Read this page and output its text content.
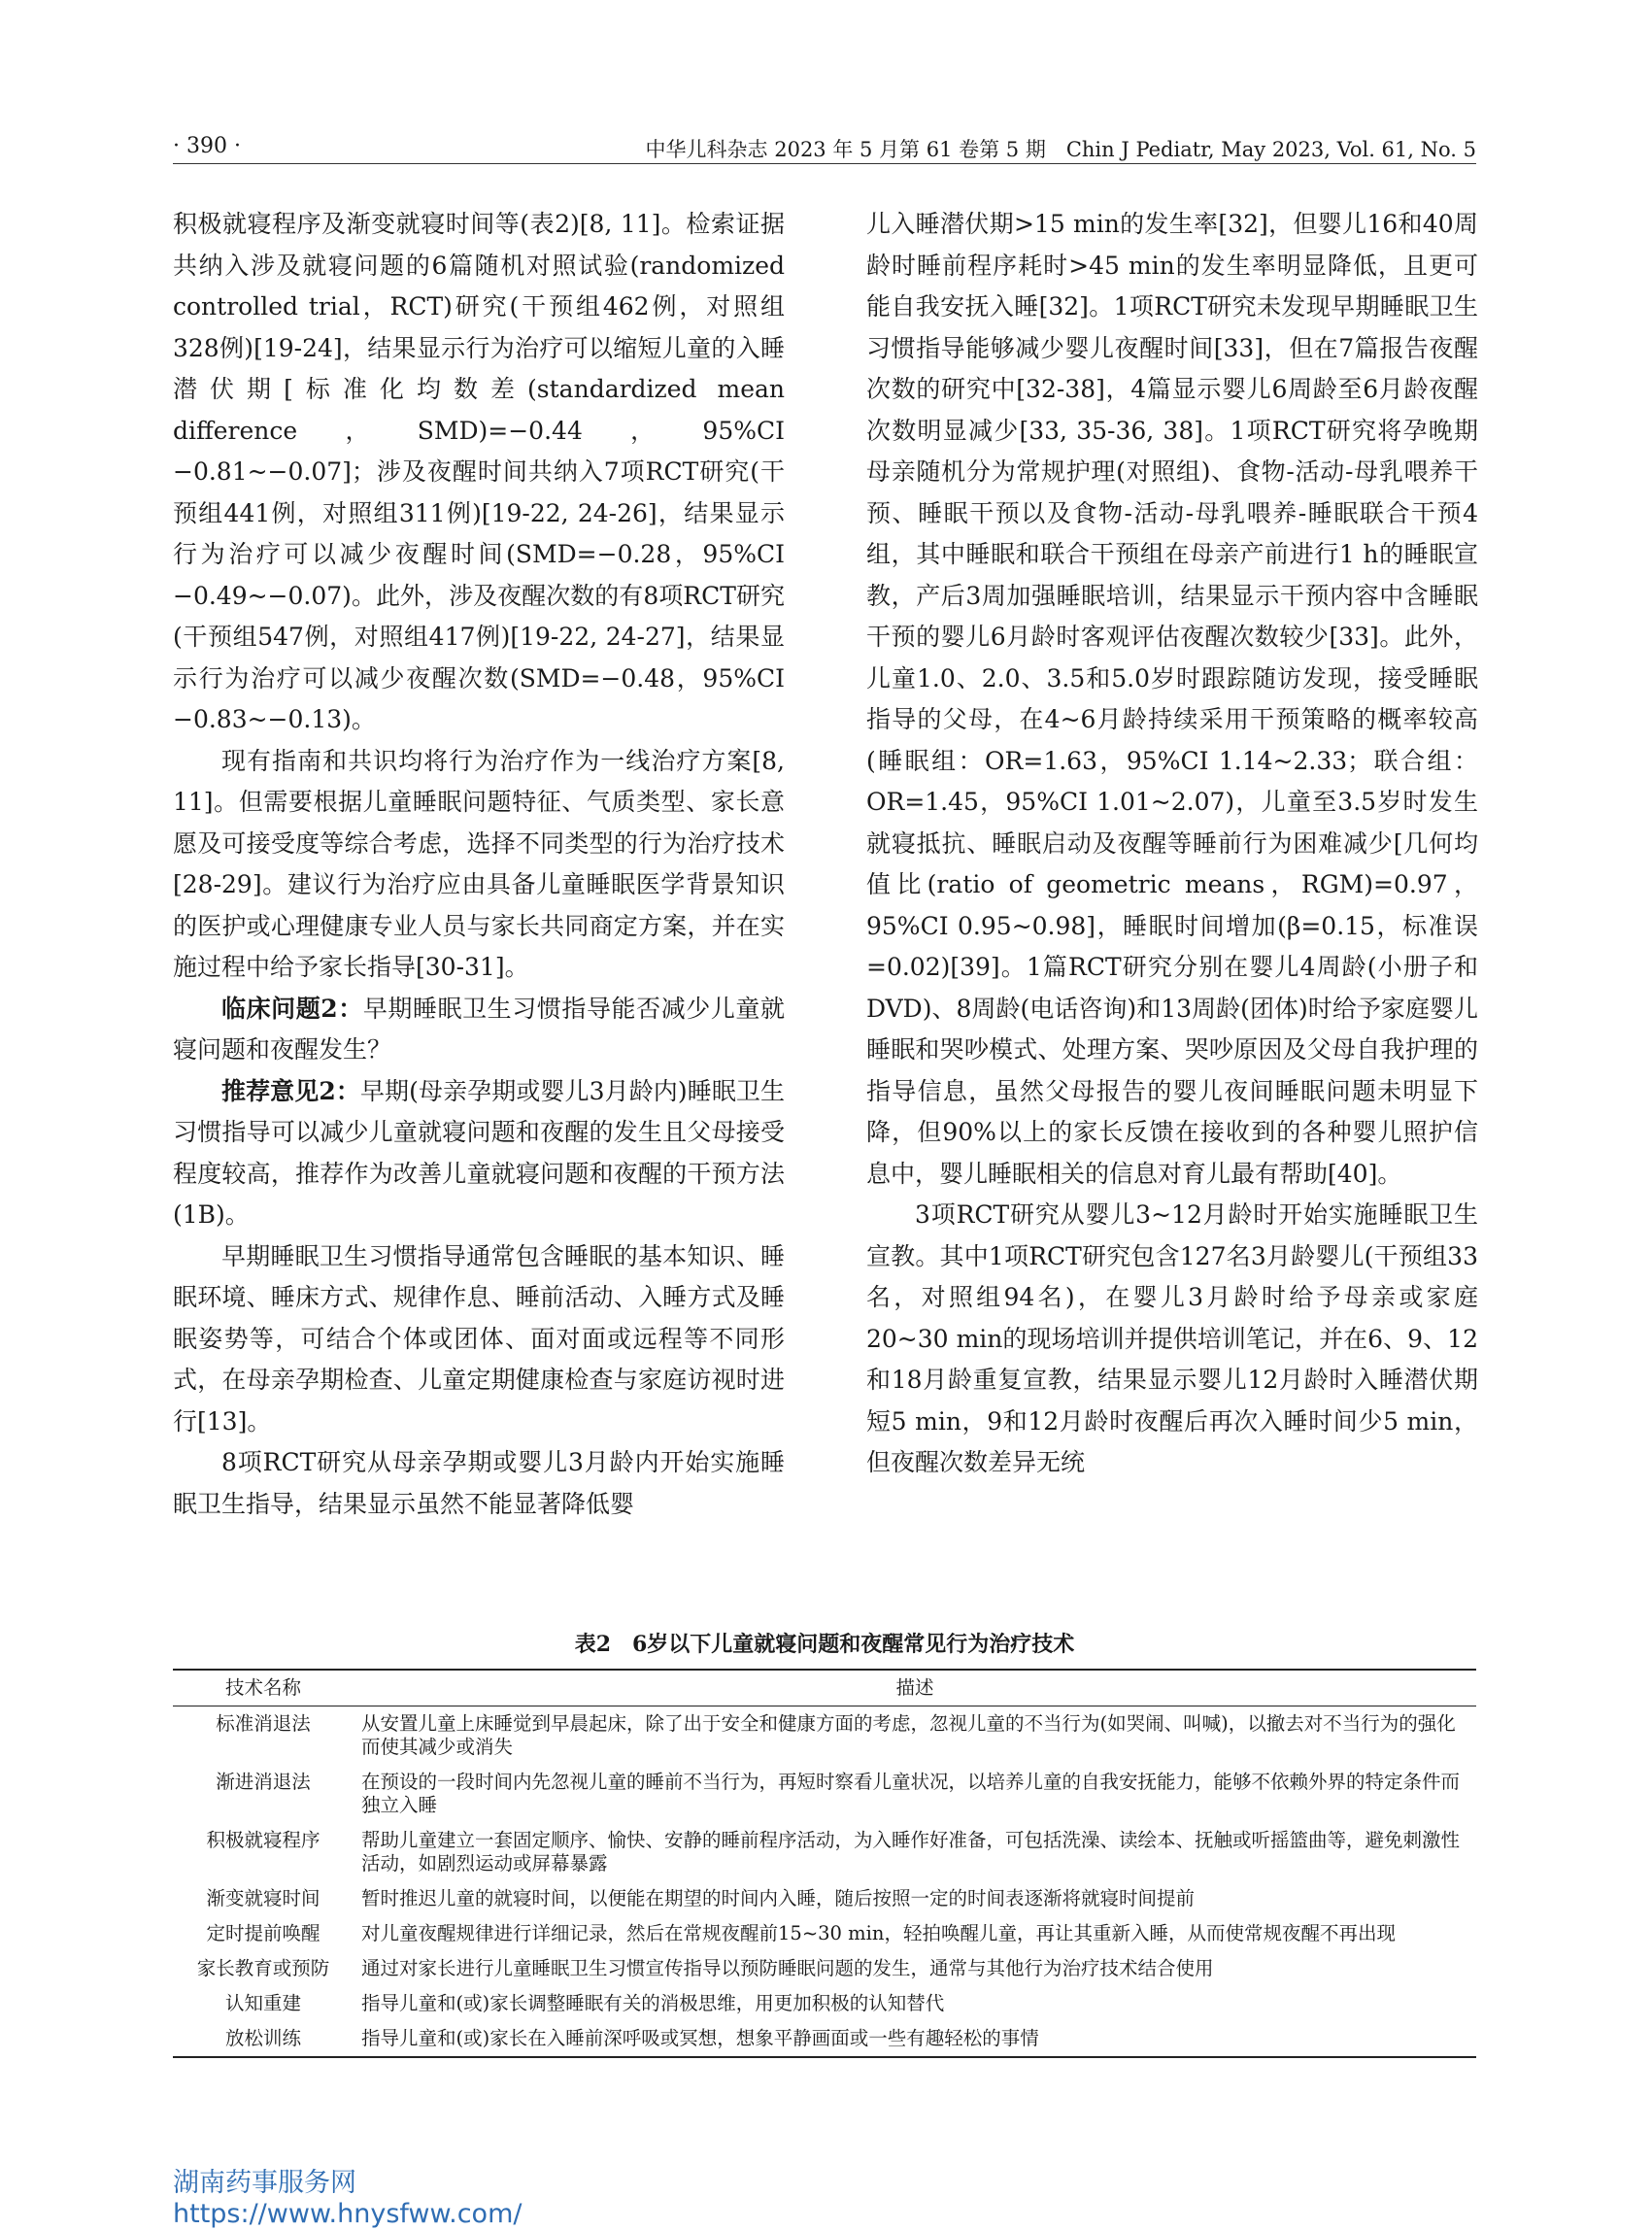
· 390 ·	中华儿科杂志 2023 年 5 月第 61 卷第 5 期　Chin J Pediatr, May 2023, Vol. 61, No. 5

积极就寝程序及渐变就寝时间等(表2)[8, 11]。检索证据共纳入涉及就寝问题的6篇随机对照试验(randomized controlled trial，RCT)研究(干预组462例，对照组328例)[19-24]，结果显示行为治疗可以缩短儿童的入睡潜伏期[标准化均数差(standardized mean difference，SMD)=−0.44，95%CI −0.81~−0.07]；涉及夜醒时间共纳入7项RCT研究(干预组441例，对照组311例)[19-22, 24-26]，结果显示行为治疗可以减少夜醒时间(SMD=−0.28，95%CI −0.49~−0.07)。此外，涉及夜醒次数的有8项RCT研究(干预组547例，对照组417例)[19-22, 24-27]，结果显示行为治疗可以减少夜醒次数(SMD=−0.48，95%CI −0.83~−0.13)。

现有指南和共识均将行为治疗作为一线治疗方案[8, 11]。但需要根据儿童睡眠问题特征、气质类型、家长意愿及可接受度等综合考虑，选择不同类型的行为治疗技术[28-29]。建议行为治疗应由具备儿童睡眠医学背景知识的医护或心理健康专业人员与家长共同商定方案，并在实施过程中给予家长指导[30-31]。

临床问题2：早期睡眠卫生习惯指导能否减少儿童就寝问题和夜醒发生？

推荐意见2：早期(母亲孕期或婴儿3月龄内)睡眠卫生习惯指导可以减少儿童就寝问题和夜醒的发生且父母接受程度较高，推荐作为改善儿童就寝问题和夜醒的干预方法(1B)。

早期睡眠卫生习惯指导通常包含睡眠的基本知识、睡眠环境、睡床方式、规律作息、睡前活动、入睡方式及睡眠姿势等，可结合个体或团体、面对面或远程等不同形式，在母亲孕期检查、儿童定期健康检查与家庭访视时进行[13]。

8项RCT研究从母亲孕期或婴儿3月龄内开始实施睡眠卫生指导，结果显示虽然不能显著降低婴

儿入睡潜伏期>15 min的发生率[32]，但婴儿16和40周龄时睡前程序耗时>45 min的发生率明显降低，且更可能自我安抚入睡[32]。1项RCT研究未发现早期睡眠卫生习惯指导能够减少婴儿夜醒时间[33]，但在7篇报告夜醒次数的研究中[32-38]，4篇显示婴儿6周龄至6月龄夜醒次数明显减少[33, 35-36, 38]。1项RCT研究将孕晚期母亲随机分为常规护理(对照组)、食物-活动-母乳喂养干预、睡眠干预以及食物-活动-母乳喂养-睡眠联合干预4组，其中睡眠和联合干预组在母亲产前进行1 h的睡眠宣教，产后3周加强睡眠培训，结果显示干预内容中含睡眠干预的婴儿6月龄时客观评估夜醒次数较少[33]。此外，儿童1.0、2.0、3.5和5.0岁时跟踪随访发现，接受睡眠指导的父母，在4~6月龄持续采用干预策略的概率较高(睡眠组：OR=1.63，95%CI 1.14~2.33；联合组：OR=1.45，95%CI 1.01~2.07)，儿童至3.5岁时发生就寝抵抗、睡眠启动及夜醒等睡前行为困难减少[几何均值比(ratio of geometric means，RGM)=0.97，95%CI 0.95~0.98]，睡眠时间增加(β=0.15，标准误=0.02)[39]。1篇RCT研究分别在婴儿4周龄(小册子和DVD)、8周龄(电话咨询)和13周龄(团体)时给予家庭婴儿睡眠和哭吵模式、处理方案、哭吵原因及父母自我护理的指导信息，虽然父母报告的婴儿夜间睡眠问题未明显下降，但90%以上的家长反馈在接收到的各种婴儿照护信息中，婴儿睡眠相关的信息对育儿最有帮助[40]。

3项RCT研究从婴儿3~12月龄时开始实施睡眠卫生宣教。其中1项RCT研究包含127名3月龄婴儿(干预组33名，对照组94名)，在婴儿3月龄时给予母亲或家庭20~30 min的现场培训并提供培训笔记，并在6、9、12和18月龄重复宣教，结果显示婴儿12月龄时入睡潜伏期短5 min，9和12月龄时夜醒后再次入睡时间少5 min，但夜醒次数差异无统

表2　6岁以下儿童就寝问题和夜醒常见行为治疗技术
技术名称	描述
标准消退法	从安置儿童上床睡觉到早晨起床，除了出于安全和健康方面的考虑，忽视儿童的不当行为(如哭闹、叫喊)，以撤去对不当行为的强化而使其减少或消失
渐进消退法	在预设的一段时间内先忽视儿童的睡前不当行为，再短时察看儿童状况，以培养儿童的自我安抚能力，能够不依赖外界的特定条件而独立入睡
积极就寝程序	帮助儿童建立一套固定顺序、愉快、安静的睡前程序活动，为入睡作好准备，可包括洗澡、读绘本、抚触或听摇篮曲等，避免刺激性活动，如剧烈运动或屏幕暴露
渐变就寝时间	暂时推迟儿童的就寝时间，以便能在期望的时间内入睡，随后按照一定的时间表逐渐将就寝时间提前
定时提前唤醒	对儿童夜醒规律进行详细记录，然后在常规夜醒前15~30 min，轻拍唤醒儿童，再让其重新入睡，从而使常规夜醒不再出现
家长教育或预防	通过对家长进行儿童睡眠卫生习惯宣传指导以预防睡眠问题的发生，通常与其他行为治疗技术结合使用
认知重建	指导儿童和(或)家长调整睡眠有关的消极思维，用更加积极的认知替代
放松训练	指导儿童和(或)家长在入睡前深呼吸或冥想，想象平静画面或一些有趣轻松的事情
湖南药事服务网
https://www.hnysfww.com/
